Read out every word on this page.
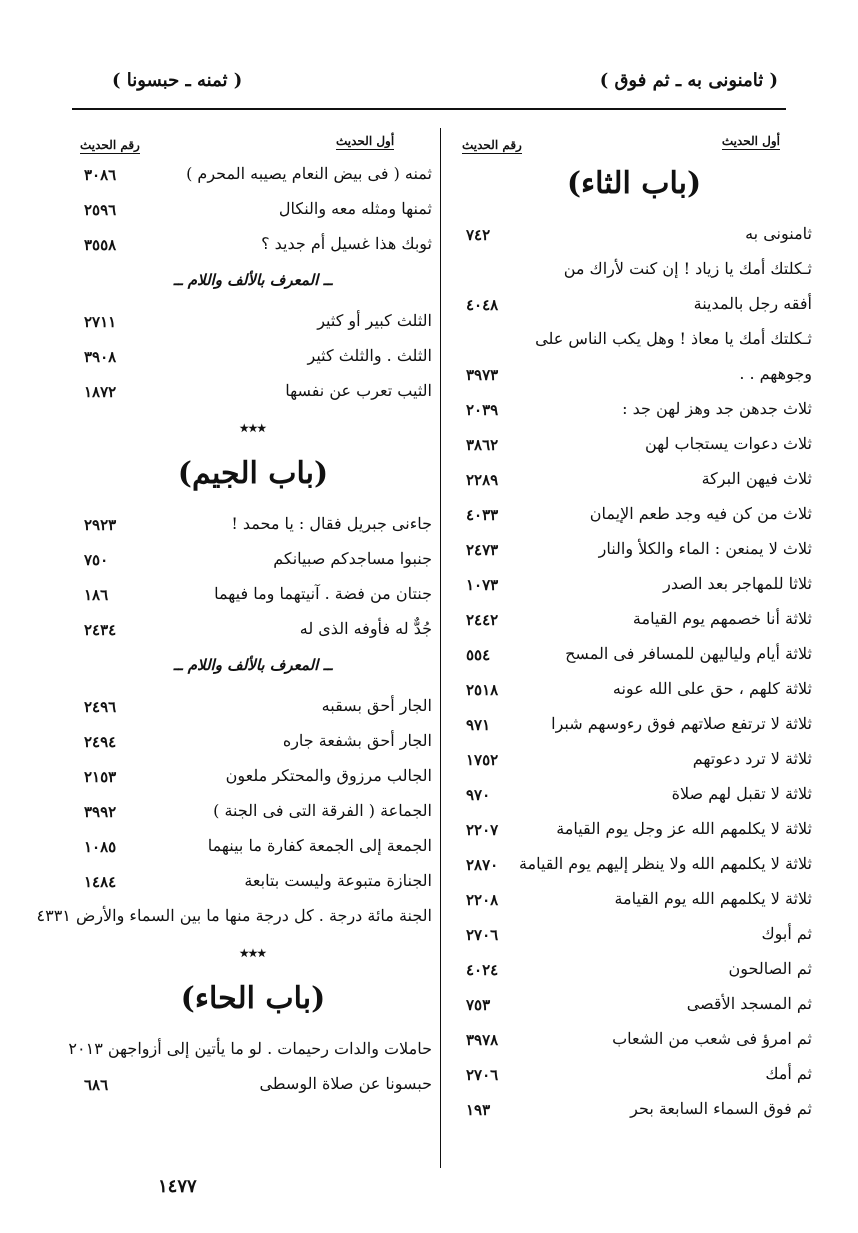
( ثمنه ـ حبسونا )	( ثامنونى به ـ ثم فوق )
أول الحديث
رقم الحديث
(باب الثاء)
ثامنونى به
٧٤٢
ثـكلتك أمك يا زياد ! إن كنت لأراك من
أفقه رجل بالمدينة
٤٠٤٨
ثـكلتك أمك يا معاذ ! وهل يكب الناس على
وجوههم . .
٣٩٧٣
ثلاث جدهن جد وهز لهن جد :
٢٠٣٩
ثلاث دعوات يستجاب لهن
٣٨٦٢
ثلاث فيهن البركة
٢٢٨٩
ثلاث من كن فيه وجد طعم الإيمان
٤٠٣٣
ثلاث لا يمنعن : الماء والكلأ والنار
٢٤٧٣
ثلاثا للمهاجر بعد الصدر
١٠٧٣
ثلاثة أنا خصمهم يوم القيامة
٢٤٤٢
ثلاثة أيام ولياليهن للمسافر فى المسح
٥٥٤
ثلاثة كلهم ، حق على الله عونه
٢٥١٨
ثلاثة لا ترتفع صلاتهم فوق رءوسهم شبرا
٩٧١
ثلاثة لا ترد دعوتهم
١٧٥٢
ثلاثة لا تقبل لهم صلاة
٩٧٠
ثلاثة لا يكلمهم الله عز وجل يوم القيامة
٢٢٠٧
ثلاثة لا يكلمهم الله ولا ينظر إليهم يوم القيامة
٢٨٧٠
ثلاثة لا يكلمهم الله يوم القيامة
٢٢٠٨
ثم أبوك
٢٧٠٦
ثم الصالحون
٤٠٢٤
ثم المسجد الأقصى
٧٥٣
ثم امرؤ فى شعب من الشعاب
٣٩٧٨
ثم أمك
٢٧٠٦
ثم فوق السماء السابعة بحر
١٩٣
أول الحديث
رقم الحديث
ثمنه ( فى بيض النعام يصيبه المحرم )
٣٠٨٦
ثمنها ومثله معه والنكال
٢٥٩٦
ثوبك هذا غسيل أم جديد ؟
٣٥٥٨
ــ المعرف بالألف واللام ــ
الثلث كبير أو كثير
٢٧١١
الثلث . والثلث كثير
٣٩٠٨
الثيب تعرب عن نفسها
١٨٧٢
٭٭٭
(باب الجيم)
جاءنى جبريل فقال : يا محمد !
٢٩٢٣
جنبوا مساجدكم صبيانكم
٧٥٠
جنتان من فضة . آنيتهما وما فيهما
١٨٦
جُدٌّ له فأوفه الذى له
٢٤٣٤
ــ المعرف بالألف واللام ــ
الجار أحق بسقبه
٢٤٩٦
الجار أحق بشفعة جاره
٢٤٩٤
الجالب مرزوق والمحتكر ملعون
٢١٥٣
الجماعة ( الفرقة التى فى الجنة )
٣٩٩٢
الجمعة إلى الجمعة كفارة ما بينهما
١٠٨٥
الجنازة متبوعة وليست بتابعة
١٤٨٤
الجنة مائة درجة . كل درجة منها ما بين السماء والأرض ٤٣٣١
٭٭٭
(باب الحاء)
حاملات والدات رحيمات . لو ما يأتين إلى أزواجهن ٢٠١٣
حبسونا عن صلاة الوسطى
٦٨٦
١٤٧٧
